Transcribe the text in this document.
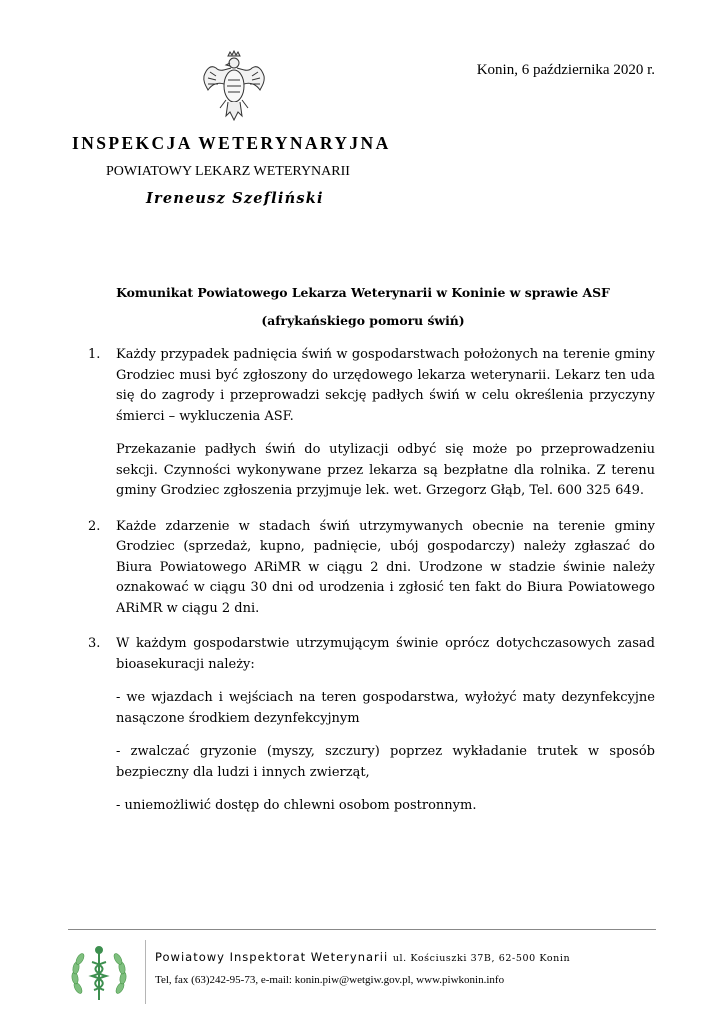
Konin, 6 października 2020 r.
INSPEKCJA WETERYNARYJNA
POWIATOWY LEKARZ WETERYNARII
Ireneusz Szefliński
Komunikat Powiatowego Lekarza Weterynarii w Koninie w sprawie ASF
(afrykańskiego pomoru świń)
1. Każdy przypadek padnięcia świń w gospodarstwach położonych na terenie gminy Grodziec musi być zgłoszony do urzędowego lekarza weterynarii. Lekarz ten uda się do zagrody i przeprowadzi sekcję padłych świń w celu określenia przyczyny śmierci – wykluczenia ASF.

Przekazanie padłych świń do utylizacji odbyć się może po przeprowadzeniu sekcji. Czynności wykonywane przez lekarza są bezpłatne dla rolnika. Z terenu gminy Grodziec zgłoszenia przyjmuje lek. wet. Grzegorz Głąb, Tel. 600 325 649.

2. Każde zdarzenie w stadach świń utrzymywanych obecnie na terenie gminy Grodziec (sprzedaż, kupno, padnięcie, ubój gospodarczy) należy zgłaszać do Biura Powiatowego ARiMR w ciągu 2 dni. Urodzone w stadzie świnie należy oznakować w ciągu 30 dni od urodzenia i zgłosić ten fakt do Biura Powiatowego ARiMR w ciągu 2 dni.

3. W każdym gospodarstwie utrzymującym świnie oprócz dotychczasowych zasad bioasekuracji należy:

- we wjazdach i wejściach na teren gospodarstwa, wyłożyć maty dezynfekcyjne nasączone środkiem dezynfekcyjnym

- zwalczać gryzonie (myszy, szczury) poprzez wykładanie trutek w sposób bezpieczny dla ludzi i innych zwierząt,

- uniemożliwić dostęp do chlewni osobom postronnym.

Powiatowy Inspektorat Weterynarii ul. Kościuszki 37B, 62-500 Konin
Tel, fax (63)242-95-73, e-mail: konin.piw@wetgiw.gov.pl, www.piwkonin.info
